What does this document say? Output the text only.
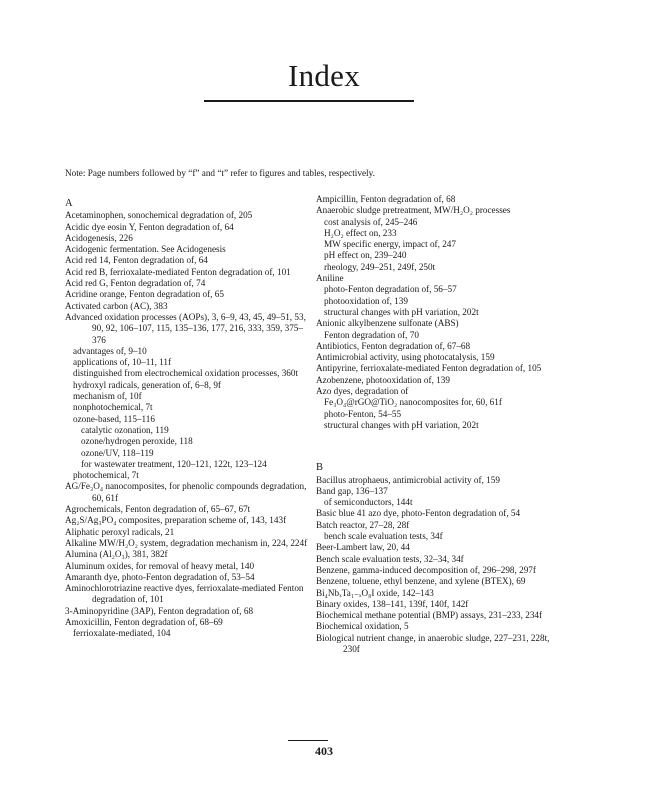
Index
Note: Page numbers followed by “f” and “t” refer to figures and tables, respectively.
A
Acetaminophen, sonochemical degradation of, 205
Acidic dye eosin Y, Fenton degradation of, 64
Acidogenesis, 226
Acidogenic fermentation. See Acidogenesis
Acid red 14, Fenton degradation of, 64
Acid red B, ferrioxalate-mediated Fenton degradation of, 101
Acid red G, Fenton degradation of, 74
Acridine orange, Fenton degradation of, 65
Activated carbon (AC), 383
Advanced oxidation processes (AOPs), 3, 6–9, 43, 45, 49–51, 53, 90, 92, 106–107, 115, 135–136, 177, 216, 333, 359, 375–376
advantages of, 9–10
applications of, 10–11, 11f
distinguished from electrochemical oxidation processes, 360t
hydroxyl radicals, generation of, 6–8, 9f
mechanism of, 10f
nonphotochemical, 7t
ozone-based, 115–116
catalytic ozonation, 119
ozone/hydrogen peroxide, 118
ozone/UV, 118–119
for wastewater treatment, 120–121, 122t, 123–124
photochemical, 7t
AG/Fe₃O₄ nanocomposites, for phenolic compounds degradation, 60, 61f
Agrochemicals, Fenton degradation of, 65–67, 67t
Ag₂S/Ag₃PO₄ composites, preparation scheme of, 143, 143f
Aliphatic peroxyl radicals, 21
Alkaline MW/H₂O₂ system, degradation mechanism in, 224, 224f
Alumina (Al₂O₃), 381, 382f
Aluminum oxides, for removal of heavy metal, 140
Amaranth dye, photo-Fenton degradation of, 53–54
Aminochlorotriazine reactive dyes, ferrioxalate-mediated Fenton degradation of, 101
3-Aminopyridine (3AP), Fenton degradation of, 68
Amoxicillin, Fenton degradation of, 68–69
ferrioxalate-mediated, 104
Ampicillin, Fenton degradation of, 68
Anaerobic sludge pretreatment, MW/H₂O₂ processes
cost analysis of, 245–246
H₂O₂ effect on, 233
MW specific energy, impact of, 247
pH effect on, 239–240
rheology, 249–251, 249f, 250t
Aniline
photo-Fenton degradation of, 56–57
photooxidation of, 139
structural changes with pH variation, 202t
Anionic alkylbenzene sulfonate (ABS)
Fenton degradation of, 70
Antibiotics, Fenton degradation of, 67–68
Antimicrobial activity, using photocatalysis, 159
Antipyrine, ferrioxalate-mediated Fenton degradation of, 105
Azobenzene, photooxidation of, 139
Azo dyes, degradation of
Fe₃O₄@rGO@TiO₂ nanocomposites for, 60, 61f
photo-Fenton, 54–55
structural changes with pH variation, 202t
B
Bacillus atrophaeus, antimicrobial activity of, 159
Band gap, 136–137
of semiconductors, 144t
Basic blue 41 azo dye, photo-Fenton degradation of, 54
Batch reactor, 27–28, 28f
bench scale evaluation tests, 34f
Beer-Lambert law, 20, 44
Bench scale evaluation tests, 32–34, 34f
Benzene, gamma-induced decomposition of, 296–298, 297f
Benzene, toluene, ethyl benzene, and xylene (BTEX), 69
Bi₄NbₓTa₁₋ₓO₈I oxide, 142–143
Binary oxides, 138–141, 139f, 140f, 142f
Biochemical methane potential (BMP) assays, 231–233, 234f
Biochemical oxidation, 5
Biological nutrient change, in anaerobic sludge, 227–231, 228t, 230f
403
